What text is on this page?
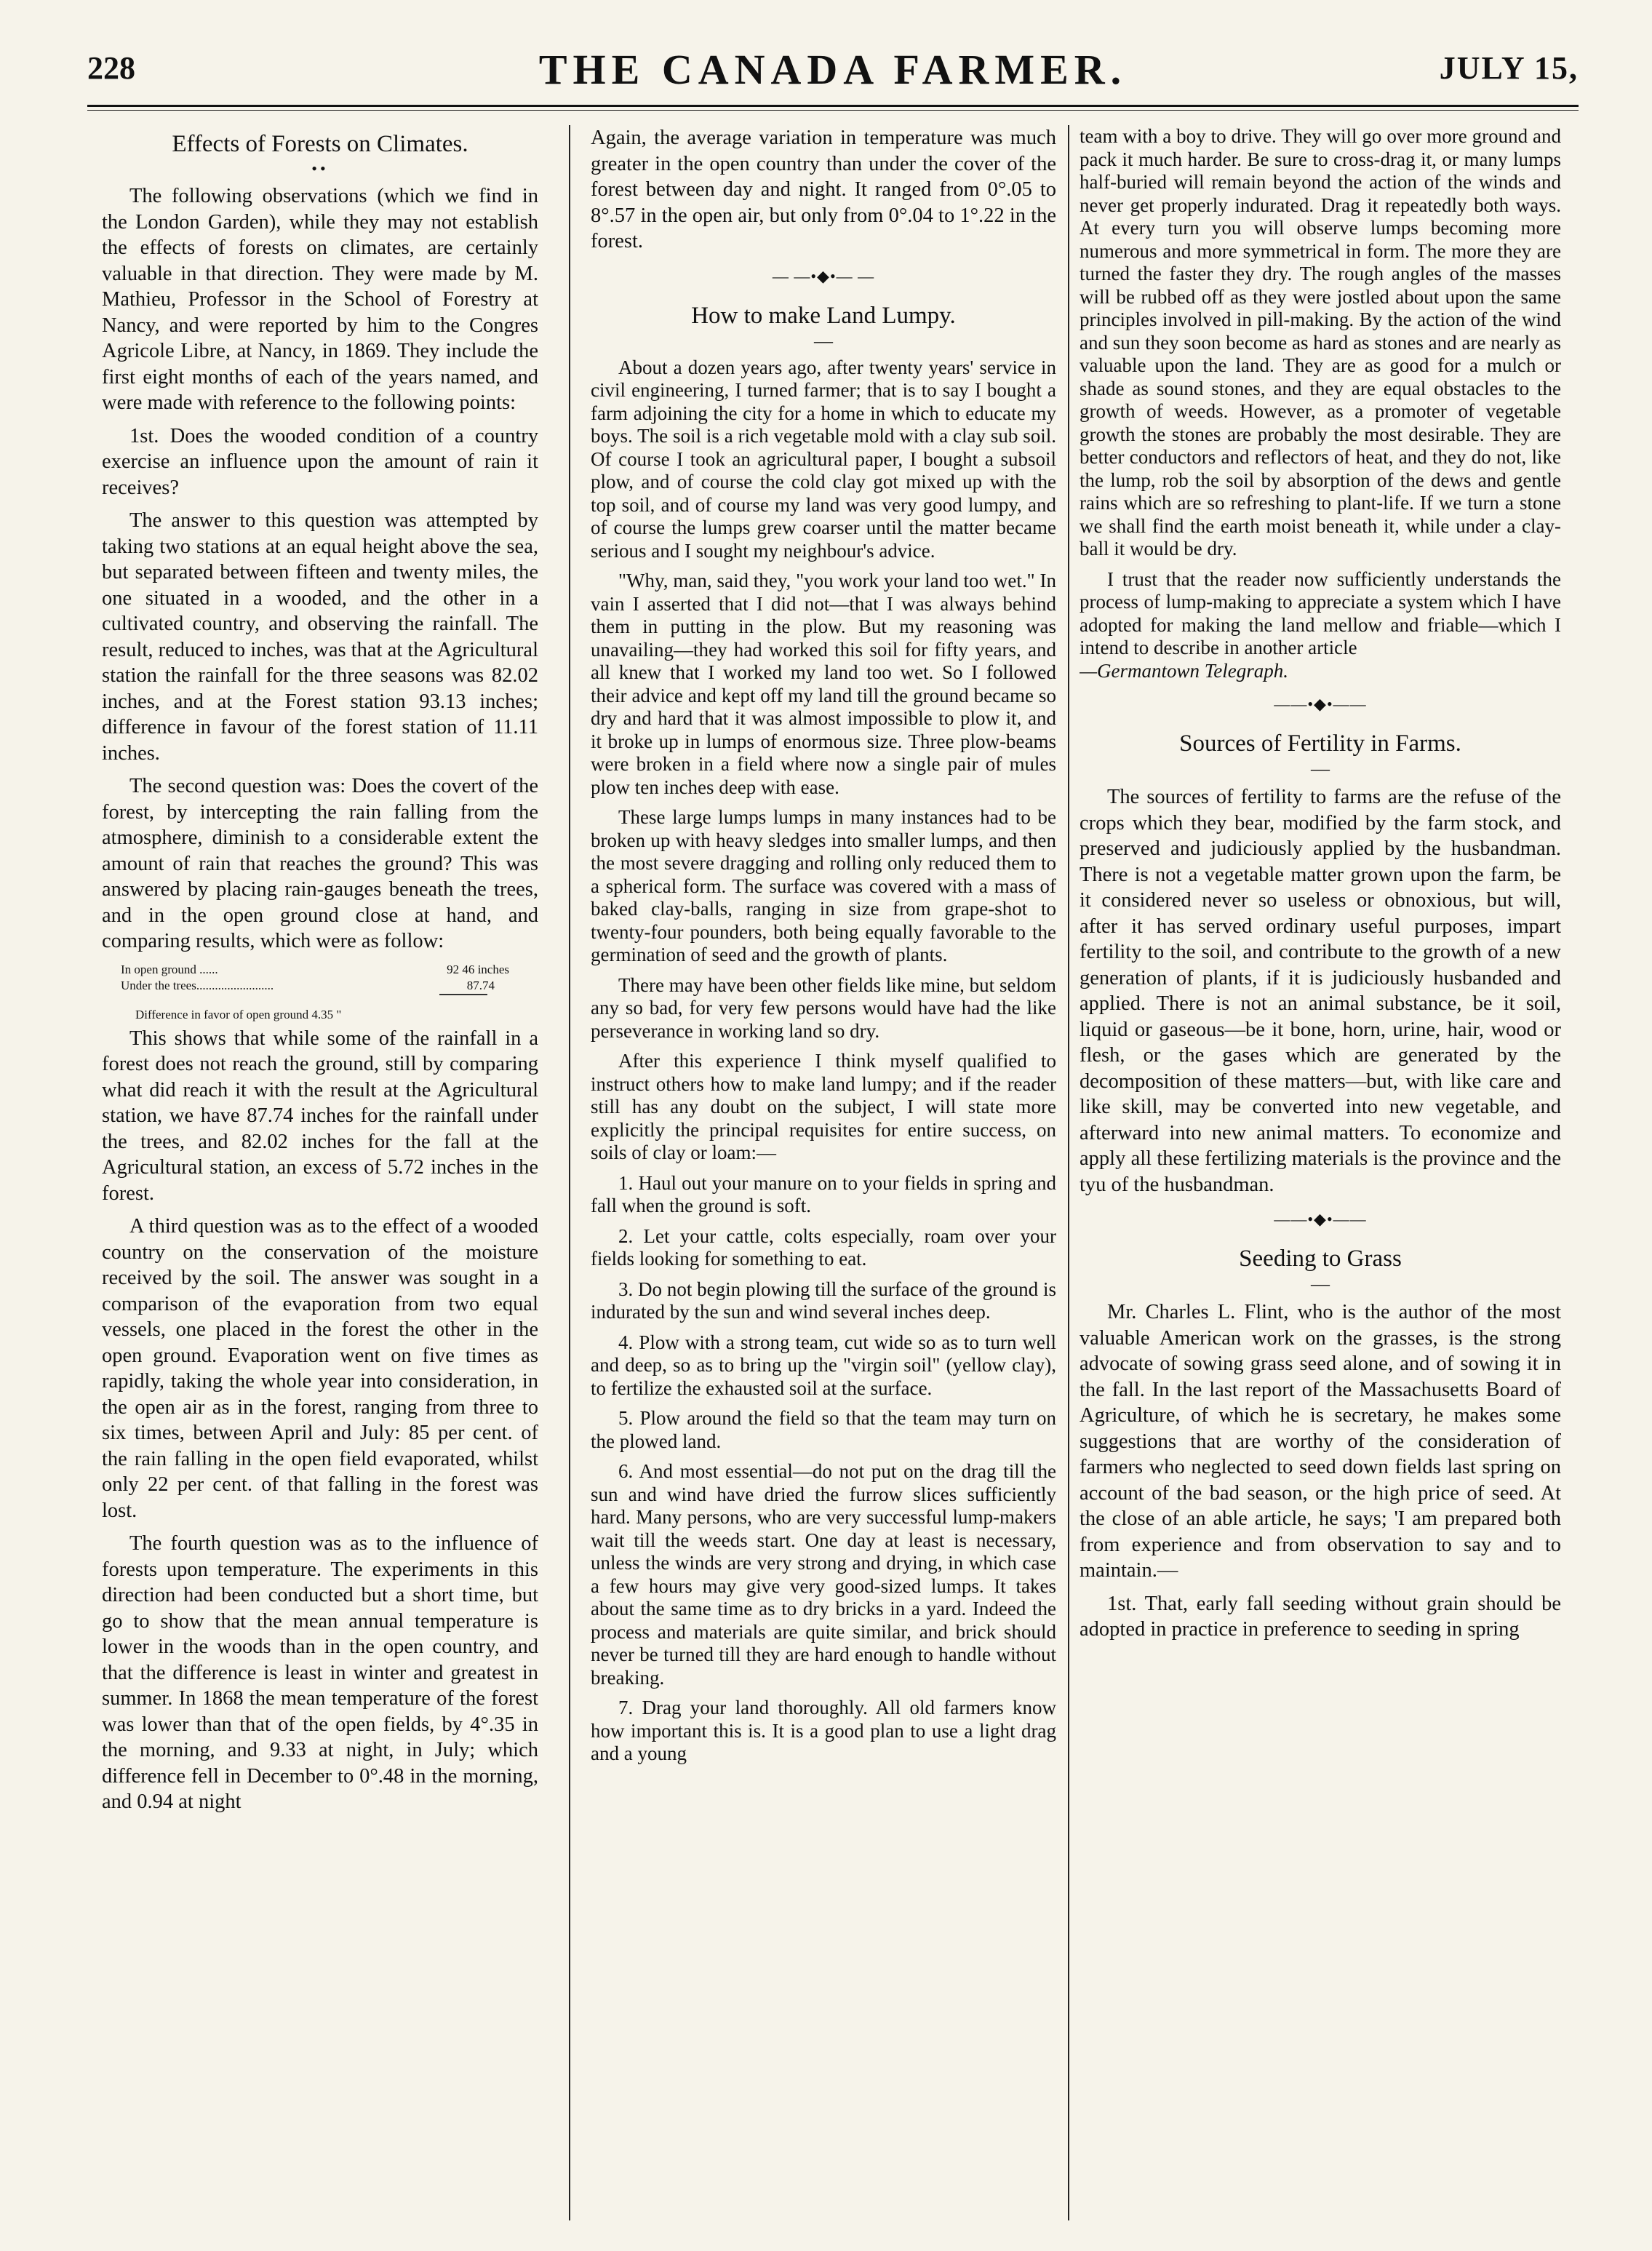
228	THE CANADA FARMER.	JULY 15,
Effects of Forests on Climates.
••

The following observations (which we find in the London Garden), while they may not establish the effects of forests on climates, are certainly valuable in that direction. They were made by M. Mathieu, Professor in the School of Forestry at Nancy, and were reported by him to the Congres Agricole Libre, at Nancy, in 1869. They include the first eight months of each of the years named, and were made with reference to the following points:

1st. Does the wooded condition of a country exercise an influence upon the amount of rain it receives?

The answer to this question was attempted by taking two stations at an equal height above the sea, but separated between fifteen and twenty miles, the one situated in a wooded, and the other in a cultivated country, and observing the rainfall. The result, reduced to inches, was that at the Agricultural station the rainfall for the three seasons was 82.02 inches, and at the Forest station 93.13 inches; difference in favour of the forest station of 11.11 inches.

The second question was: Does the covert of the forest, by intercepting the rain falling from the atmosphere, diminish to a considerable extent the amount of rain that reaches the ground? This was answered by placing rain-gauges beneath the trees, and in the open ground close at hand, and comparing results, which were as follow:

In open ground ......	92 46 inches
Under the trees.........................	87.74
Difference in favor of open ground 4.35 "

This shows that while some of the rainfall in a forest does not reach the ground, still by comparing what did reach it with the result at the Agricultural station, we have 87.74 inches for the rainfall under the trees, and 82.02 inches for the fall at the Agricultural station, an excess of 5.72 inches in the forest.

A third question was as to the effect of a wooded country on the conservation of the moisture received by the soil. The answer was sought in a comparison of the evaporation from two equal vessels, one placed in the forest the other in the open ground. Evaporation went on five times as rapidly, taking the whole year into consideration, in the open air as in the forest, ranging from three to six times, between April and July: 85 per cent. of the rain falling in the open field evaporated, whilst only 22 per cent. of that falling in the forest was lost.

The fourth question was as to the influence of forests upon temperature. The experiments in this direction had been conducted but a short time, but go to show that the mean annual temperature is lower in the woods than in the open country, and that the difference is least in winter and greatest in summer. In 1868 the mean temperature of the forest was lower than that of the open fields, by 4°.35 in the morning, and 9.33 at night, in July; which difference fell in December to 0°.48 in the morning, and 0.94 at night

Again, the average variation in temperature was much greater in the open country than under the cover of the forest between day and night. It ranged from 0°.05 to 8°.57 in the open air, but only from 0°.04 to 1°.22 in the forest.

— —•◆•— —
How to make Land Lumpy.
—

About a dozen years ago, after twenty years' service in civil engineering, I turned farmer; that is to say I bought a farm adjoining the city for a home in which to educate my boys. The soil is a rich vegetable mold with a clay sub soil. Of course I took an agricultural paper, I bought a subsoil plow, and of course the cold clay got mixed up with the top soil, and of course my land was very good lumpy, and of course the lumps grew coarser until the matter became serious and I sought my neighbour's advice.

"Why, man, said they, "you work your land too wet." In vain I asserted that I did not—that I was always behind them in putting in the plow. But my reasoning was unavailing—they had worked this soil for fifty years, and all knew that I worked my land too wet. So I followed their advice and kept off my land till the ground became so dry and hard that it was almost impossible to plow it, and it broke up in lumps of enormous size. Three plow-beams were broken in a field where now a single pair of mules plow ten inches deep with ease.

These large lumps lumps in many instances had to be broken up with heavy sledges into smaller lumps, and then the most severe dragging and rolling only reduced them to a spherical form. The surface was covered with a mass of baked clay-balls, ranging in size from grape-shot to twenty-four pounders, both being equally favorable to the germination of seed and the growth of plants.

There may have been other fields like mine, but seldom any so bad, for very few persons would have had the like perseverance in working land so dry.

After this experience I think myself qualified to instruct others how to make land lumpy; and if the reader still has any doubt on the subject, I will state more explicitly the principal requisites for entire success, on soils of clay or loam:—

1. Haul out your manure on to your fields in spring and fall when the ground is soft.

2. Let your cattle, colts especially, roam over your fields looking for something to eat.

3. Do not begin plowing till the surface of the ground is indurated by the sun and wind several inches deep.

4. Plow with a strong team, cut wide so as to turn well and deep, so as to bring up the "virgin soil" (yellow clay), to fertilize the exhausted soil at the surface.

5. Plow around the field so that the team may turn on the plowed land.

6. And most essential—do not put on the drag till the sun and wind have dried the furrow slices sufficiently hard. Many persons, who are very successful lump-makers wait till the weeds start. One day at least is necessary, unless the winds are very strong and drying, in which case a few hours may give very good-sized lumps. It takes about the same time as to dry bricks in a yard. Indeed the process and materials are quite similar, and brick should never be turned till they are hard enough to handle without breaking.

7. Drag your land thoroughly. All old farmers know how important this is. It is a good plan to use a light drag and a young

team with a boy to drive. They will go over more ground and pack it much harder. Be sure to cross-drag it, or many lumps half-buried will remain beyond the action of the winds and never get properly indurated. Drag it repeatedly both ways. At every turn you will observe lumps becoming more numerous and more symmetrical in form. The more they are turned the faster they dry. The rough angles of the masses will be rubbed off as they were jostled about upon the same principles involved in pill-making. By the action of the wind and sun they soon become as hard as stones and are nearly as valuable upon the land. They are as good for a mulch or shade as sound stones, and they are equal obstacles to the growth of weeds. However, as a promoter of vegetable growth the stones are probably the most desirable. They are better conductors and reflectors of heat, and they do not, like the lump, rob the soil by absorption of the dews and gentle rains which are so refreshing to plant-life. If we turn a stone we shall find the earth moist beneath it, while under a clay-ball it would be dry.

I trust that the reader now sufficiently understands the process of lump-making to appreciate a system which I have adopted for making the land mellow and friable—which I intend to describe in another article

—Germantown Telegraph.
——•◆•——
Sources of Fertility in Farms.
—

The sources of fertility to farms are the refuse of the crops which they bear, modified by the farm stock, and preserved and judiciously applied by the husbandman. There is not a vegetable matter grown upon the farm, be it considered never so useless or obnoxious, but will, after it has served ordinary useful purposes, impart fertility to the soil, and contribute to the growth of a new generation of plants, if it is judiciously husbanded and applied. There is not an animal substance, be it soil, liquid or gaseous—be it bone, horn, urine, hair, wood or flesh, or the gases which are generated by the decomposition of these matters—but, with like care and like skill, may be converted into new vegetable, and afterward into new animal matters. To economize and apply all these fertilizing materials is the province and the tyu of the husbandman.

——•◆•——
Seeding to Grass
—

Mr. Charles L. Flint, who is the author of the most valuable American work on the grasses, is the strong advocate of sowing grass seed alone, and of sowing it in the fall. In the last report of the Massachusetts Board of Agriculture, of which he is secretary, he makes some suggestions that are worthy of the consideration of farmers who neglected to seed down fields last spring on account of the bad season, or the high price of seed. At the close of an able article, he says; 'I am prepared both from experience and from observation to say and to maintain.—

1st. That, early fall seeding without grain should be adopted in practice in preference to seeding in spring
